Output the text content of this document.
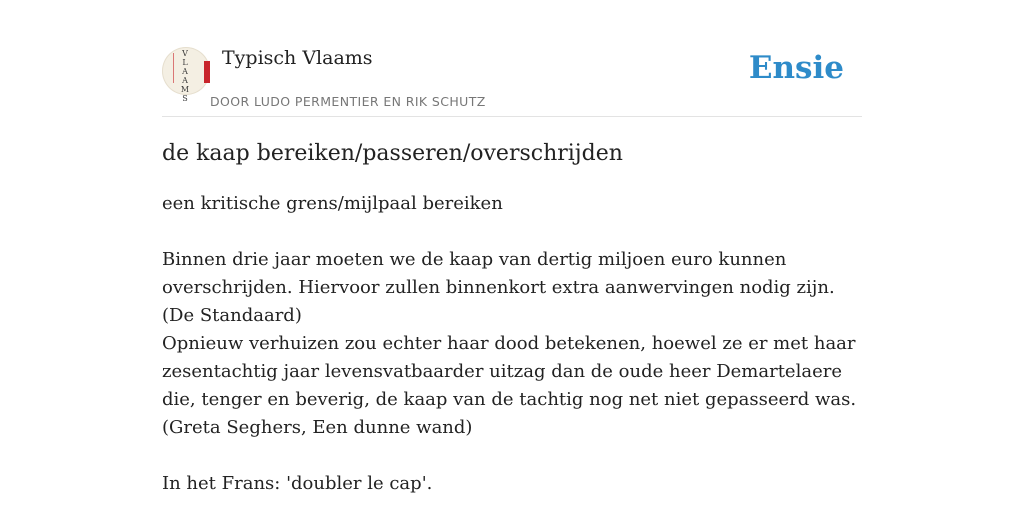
V
L
A
A
M
S
Typisch Vlaams
DOOR LUDO PERMENTIER EN RIK SCHUTZ
Ensie
de kaap bereiken/passeren/overschrijden

een kritische grens/mijlpaal bereiken

Binnen drie jaar moeten we de kaap van dertig miljoen euro kunnen overschrijden. Hiervoor zullen binnenkort extra aanwervingen nodig zijn.

(De Standaard)

Opnieuw verhuizen zou echter haar dood betekenen, hoewel ze er met haar zesentachtig jaar levensvatbaarder uitzag dan de oude heer Demartelaere die, tenger en beverig, de kaap van de tachtig nog net niet gepasseerd was.

(Greta Seghers, Een dunne wand)

In het Frans: 'doubler le cap'.
